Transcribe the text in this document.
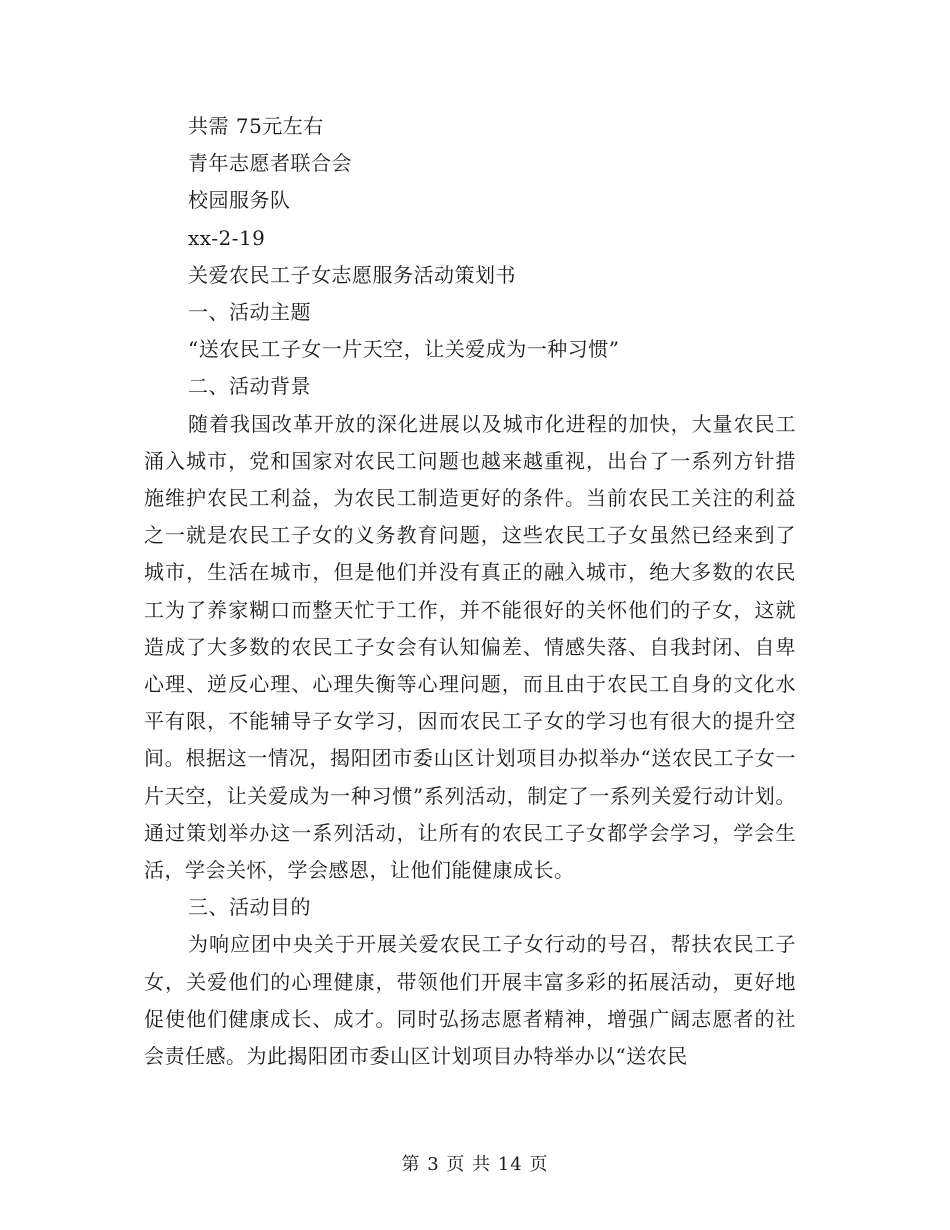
共需 75元左右
青年志愿者联合会
校园服务队
xx-2-19
关爱农民工子女志愿服务活动策划书
一、活动主题
“送农民工子女一片天空，让关爱成为一种习惯”
二、活动背景
随着我国改革开放的深化进展以及城市化进程的加快，大量农民工涌入城市，党和国家对农民工问题也越来越重视，出台了一系列方针措施维护农民工利益，为农民工制造更好的条件。当前农民工关注的利益之一就是农民工子女的义务教育问题，这些农民工子女虽然已经来到了城市，生活在城市，但是他们并没有真正的融入城市，绝大多数的农民工为了养家糊口而整天忙于工作，并不能很好的关怀他们的子女，这就造成了大多数的农民工子女会有认知偏差、情感失落、自我封闭、自卑心理、逆反心理、心理失衡等心理问题，而且由于农民工自身的文化水平有限，不能辅导子女学习，因而农民工子女的学习也有很大的提升空间。根据这一情况，揭阳团市委山区计划项目办拟举办“送农民工子女一片天空，让关爱成为一种习惯”系列活动，制定了一系列关爱行动计划。通过策划举办这一系列活动，让所有的农民工子女都学会学习，学会生活，学会关怀，学会感恩，让他们能健康成长。
三、活动目的
为响应团中央关于开展关爱农民工子女行动的号召，帮扶农民工子女，关爱他们的心理健康，带领他们开展丰富多彩的拓展活动，更好地促使他们健康成长、成才。同时弘扬志愿者精神，增强广阔志愿者的社会责任感。为此揭阳团市委山区计划项目办特举办以“送农民
第 3 页 共 14 页
